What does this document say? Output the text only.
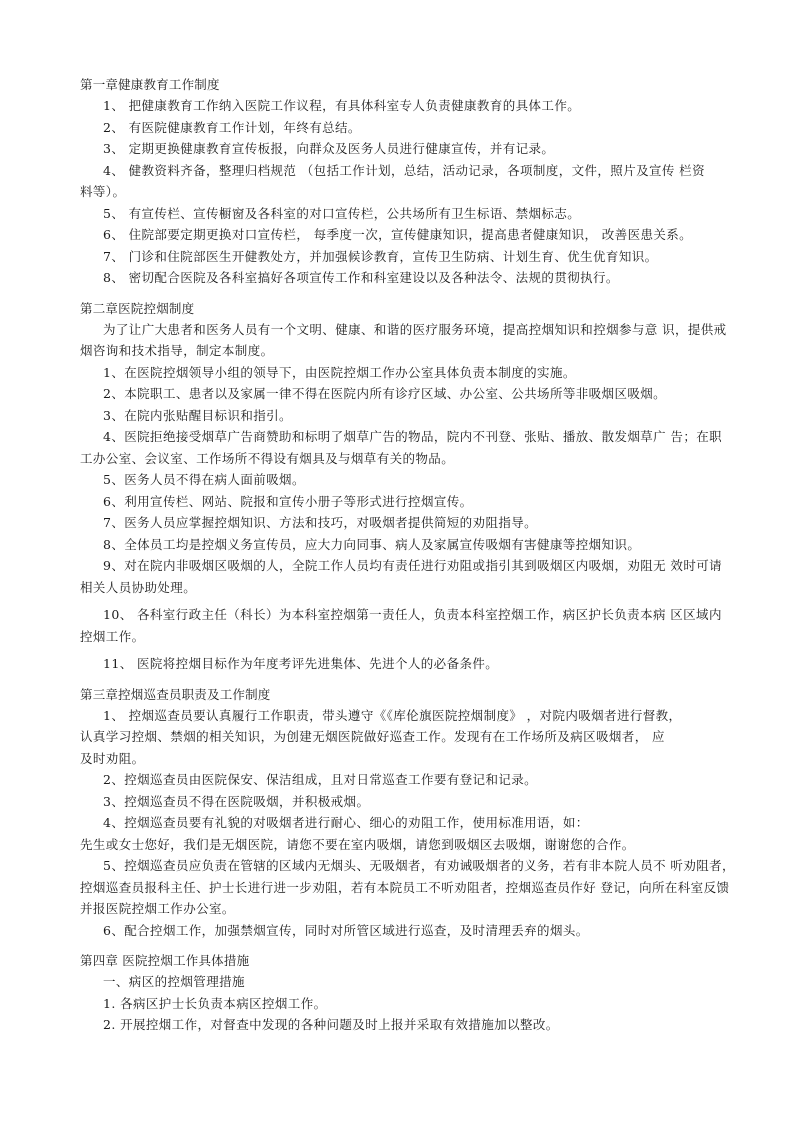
第一章健康教育工作制度

1、 把健康教育工作纳入医院工作议程，有具体科室专人负责健康教育的具体工作。

2、 有医院健康教育工作计划，年终有总结。

3、 定期更换健康教育宣传板报，向群众及医务人员进行健康宣传，并有记录。

4、 健教资料齐备，整理归档规范 （包括工作计划，总结，活动记录，各项制度，文件，照片及宣传 栏资

料等）。

5、 有宣传栏、宣传橱窗及各科室的对口宣传栏，公共场所有卫生标语、禁烟标志。

6、 住院部要定期更换对口宣传栏， 每季度一次，宣传健康知识，提高患者健康知识， 改善医患关系。

7、 门诊和住院部医生开健教处方，并加强候诊教育，宣传卫生防病、计划生育、优生优育知识。

8、 密切配合医院及各科室搞好各项宣传工作和科室建设以及各种法令、法规的贯彻执行。

第二章医院控烟制度

为了让广大患者和医务人员有一个文明、健康、和谐的医疗服务环境，提高控烟知识和控烟参与意 识，提供戒

烟咨询和技术指导，制定本制度。

1、在医院控烟领导小组的领导下，由医院控烟工作办公室具体负责本制度的实施。

2、本院职工、患者以及家属一律不得在医院内所有诊疗区域、办公室、公共场所等非吸烟区吸烟。

3、在院内张贴醒目标识和指引。

4、医院拒绝接受烟草广告商赞助和标明了烟草广告的物品，院内不刊登、张贴、播放、散发烟草广 告；在职

工办公室、会议室、工作场所不得设有烟具及与烟草有关的物品。

5、医务人员不得在病人面前吸烟。

6、利用宣传栏、网站、院报和宣传小册子等形式进行控烟宣传。

7、医务人员应掌握控烟知识、方法和技巧，对吸烟者提供简短的劝阻指导。

8、全体员工均是控烟义务宣传员，应大力向同事、病人及家属宣传吸烟有害健康等控烟知识。

9、对在院内非吸烟区吸烟的人，全院工作人员均有责任进行劝阻或指引其到吸烟区内吸烟，劝阻无 效时可请

相关人员协助处理。

10、 各科室行政主任（科长）为本科室控烟第一责任人，负责本科室控烟工作，病区护长负责本病 区区域内

控烟工作。

11、 医院将控烟目标作为年度考评先进集体、先进个人的必备条件。

第三章控烟巡查员职责及工作制度

1、 控烟巡查员要认真履行工作职责，带头遵守《《库伦旗医院控烟制度》 ，对院内吸烟者进行督教，

认真学习控烟、禁烟的相关知识，为创建无烟医院做好巡查工作。发现有在工作场所及病区吸烟者， 应

及时劝阻。

2、控烟巡查员由医院保安、保洁组成，且对日常巡查工作要有登记和记录。

3、控烟巡查员不得在医院吸烟，并积极戒烟。

4、控烟巡查员要有礼貌的对吸烟者进行耐心、细心的劝阻工作，使用标准用语，如：

先生或女士您好，我们是无烟医院，请您不要在室内吸烟，请您到吸烟区去吸烟，谢谢您的合作。

5、控烟巡查员应负责在管辖的区域内无烟头、无吸烟者，有劝诫吸烟者的义务，若有非本院人员不 听劝阻者，

控烟巡查员报科主任、护士长进行进一步劝阻，若有本院员工不听劝阻者，控烟巡查员作好 登记，向所在科室反馈

并报医院控烟工作办公室。

6、配合控烟工作，加强禁烟宣传，同时对所管区域进行巡查，及时清理丢弃的烟头。

第四章 医院控烟工作具体措施

一、病区的控烟管理措施

1. 各病区护士长负责本病区控烟工作。

2. 开展控烟工作，对督查中发现的各种问题及时上报并采取有效措施加以整改。
